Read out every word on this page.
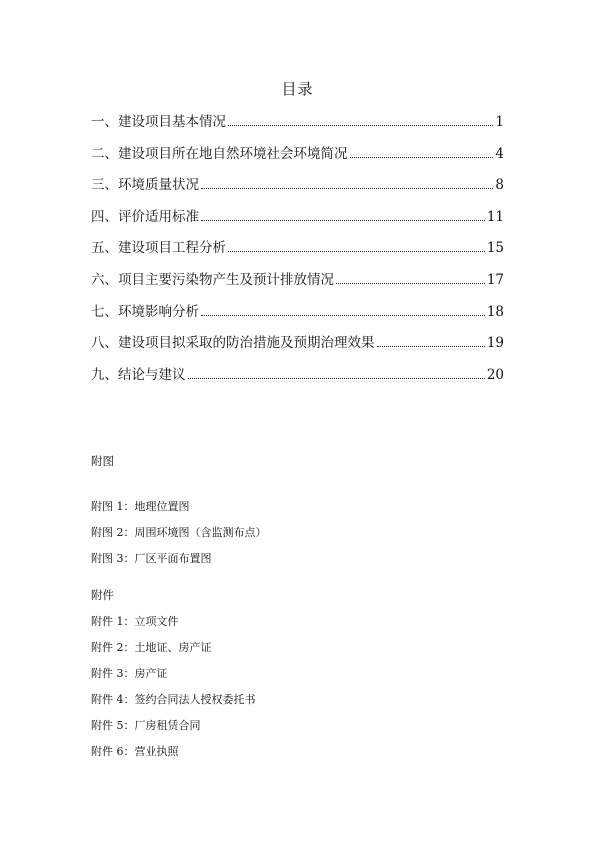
目录
一、建设项目基本情况	1
二、建设项目所在地自然环境社会环境简况	4
三、环境质量状况	8
四、评价适用标准	11
五、建设项目工程分析	15
六、项目主要污染物产生及预计排放情况	17
七、环境影响分析	18
八、建设项目拟采取的防治措施及预期治理效果	19
九、结论与建议	20
附图
附图 1：地理位置图
附图 2：周围环境图（含监测布点）
附图 3：厂区平面布置图
附件
附件 1：立项文件
附件 2：土地证、房产证
附件 3：房产证
附件 4：签约合同法人授权委托书
附件 5：厂房租赁合同
附件 6：营业执照
